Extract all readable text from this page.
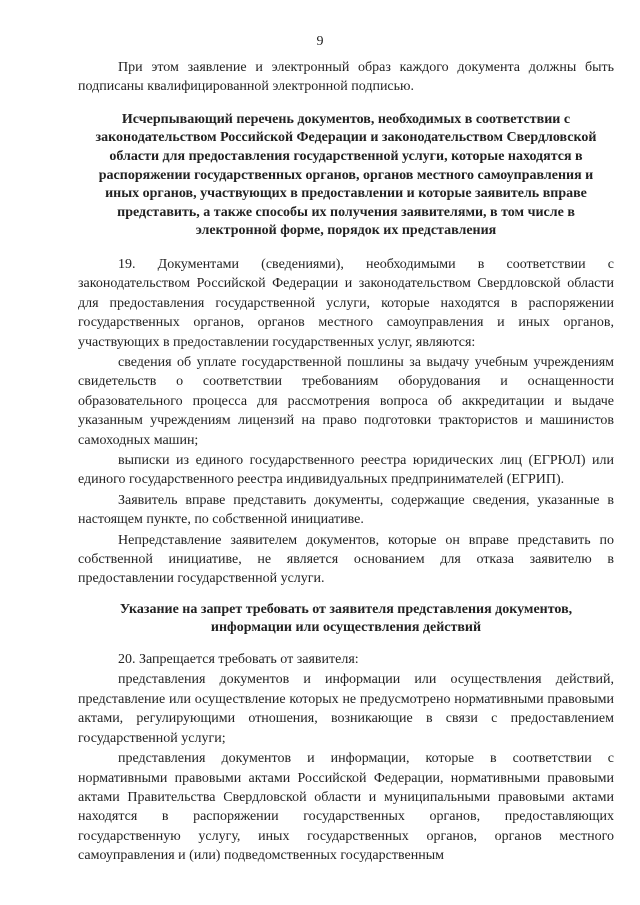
9

При этом заявление и электронный образ каждого документа должны быть подписаны квалифицированной электронной подписью.

Исчерпывающий перечень документов, необходимых в соответствии с законодательством Российской Федерации и законодательством Свердловской области для предоставления государственной услуги, которые находятся в распоряжении государственных органов, органов местного самоуправления и иных органов, участвующих в предоставлении и которые заявитель вправе представить, а также способы их получения заявителями, в том числе в электронной форме, порядок их представления

19. Документами (сведениями), необходимыми в соответствии с законодательством Российской Федерации и законодательством Свердловской области для предоставления государственной услуги, которые находятся в распоряжении государственных органов, органов местного самоуправления и иных органов, участвующих в предоставлении государственных услуг, являются:

сведения об уплате государственной пошлины за выдачу учебным учреждениям свидетельств о соответствии требованиям оборудования и оснащенности образовательного процесса для рассмотрения вопроса об аккредитации и выдаче указанным учреждениям лицензий на право подготовки трактористов и машинистов самоходных машин;

выписки из единого государственного реестра юридических лиц (ЕГРЮЛ) или единого государственного реестра индивидуальных предпринимателей (ЕГРИП).

Заявитель вправе представить документы, содержащие сведения, указанные в настоящем пункте, по собственной инициативе.

Непредставление заявителем документов, которые он вправе представить по собственной инициативе, не является основанием для отказа заявителю в предоставлении государственной услуги.

Указание на запрет требовать от заявителя представления документов, информации или осуществления действий

20. Запрещается требовать от заявителя:

представления документов и информации или осуществления действий, представление или осуществление которых не предусмотрено нормативными правовыми актами, регулирующими отношения, возникающие в связи с предоставлением государственной услуги;

представления документов и информации, которые в соответствии с нормативными правовыми актами Российской Федерации, нормативными правовыми актами Правительства Свердловской области и муниципальными правовыми актами находятся в распоряжении государственных органов, предоставляющих государственную услугу, иных государственных органов, органов местного самоуправления и (или) подведомственных государственным
